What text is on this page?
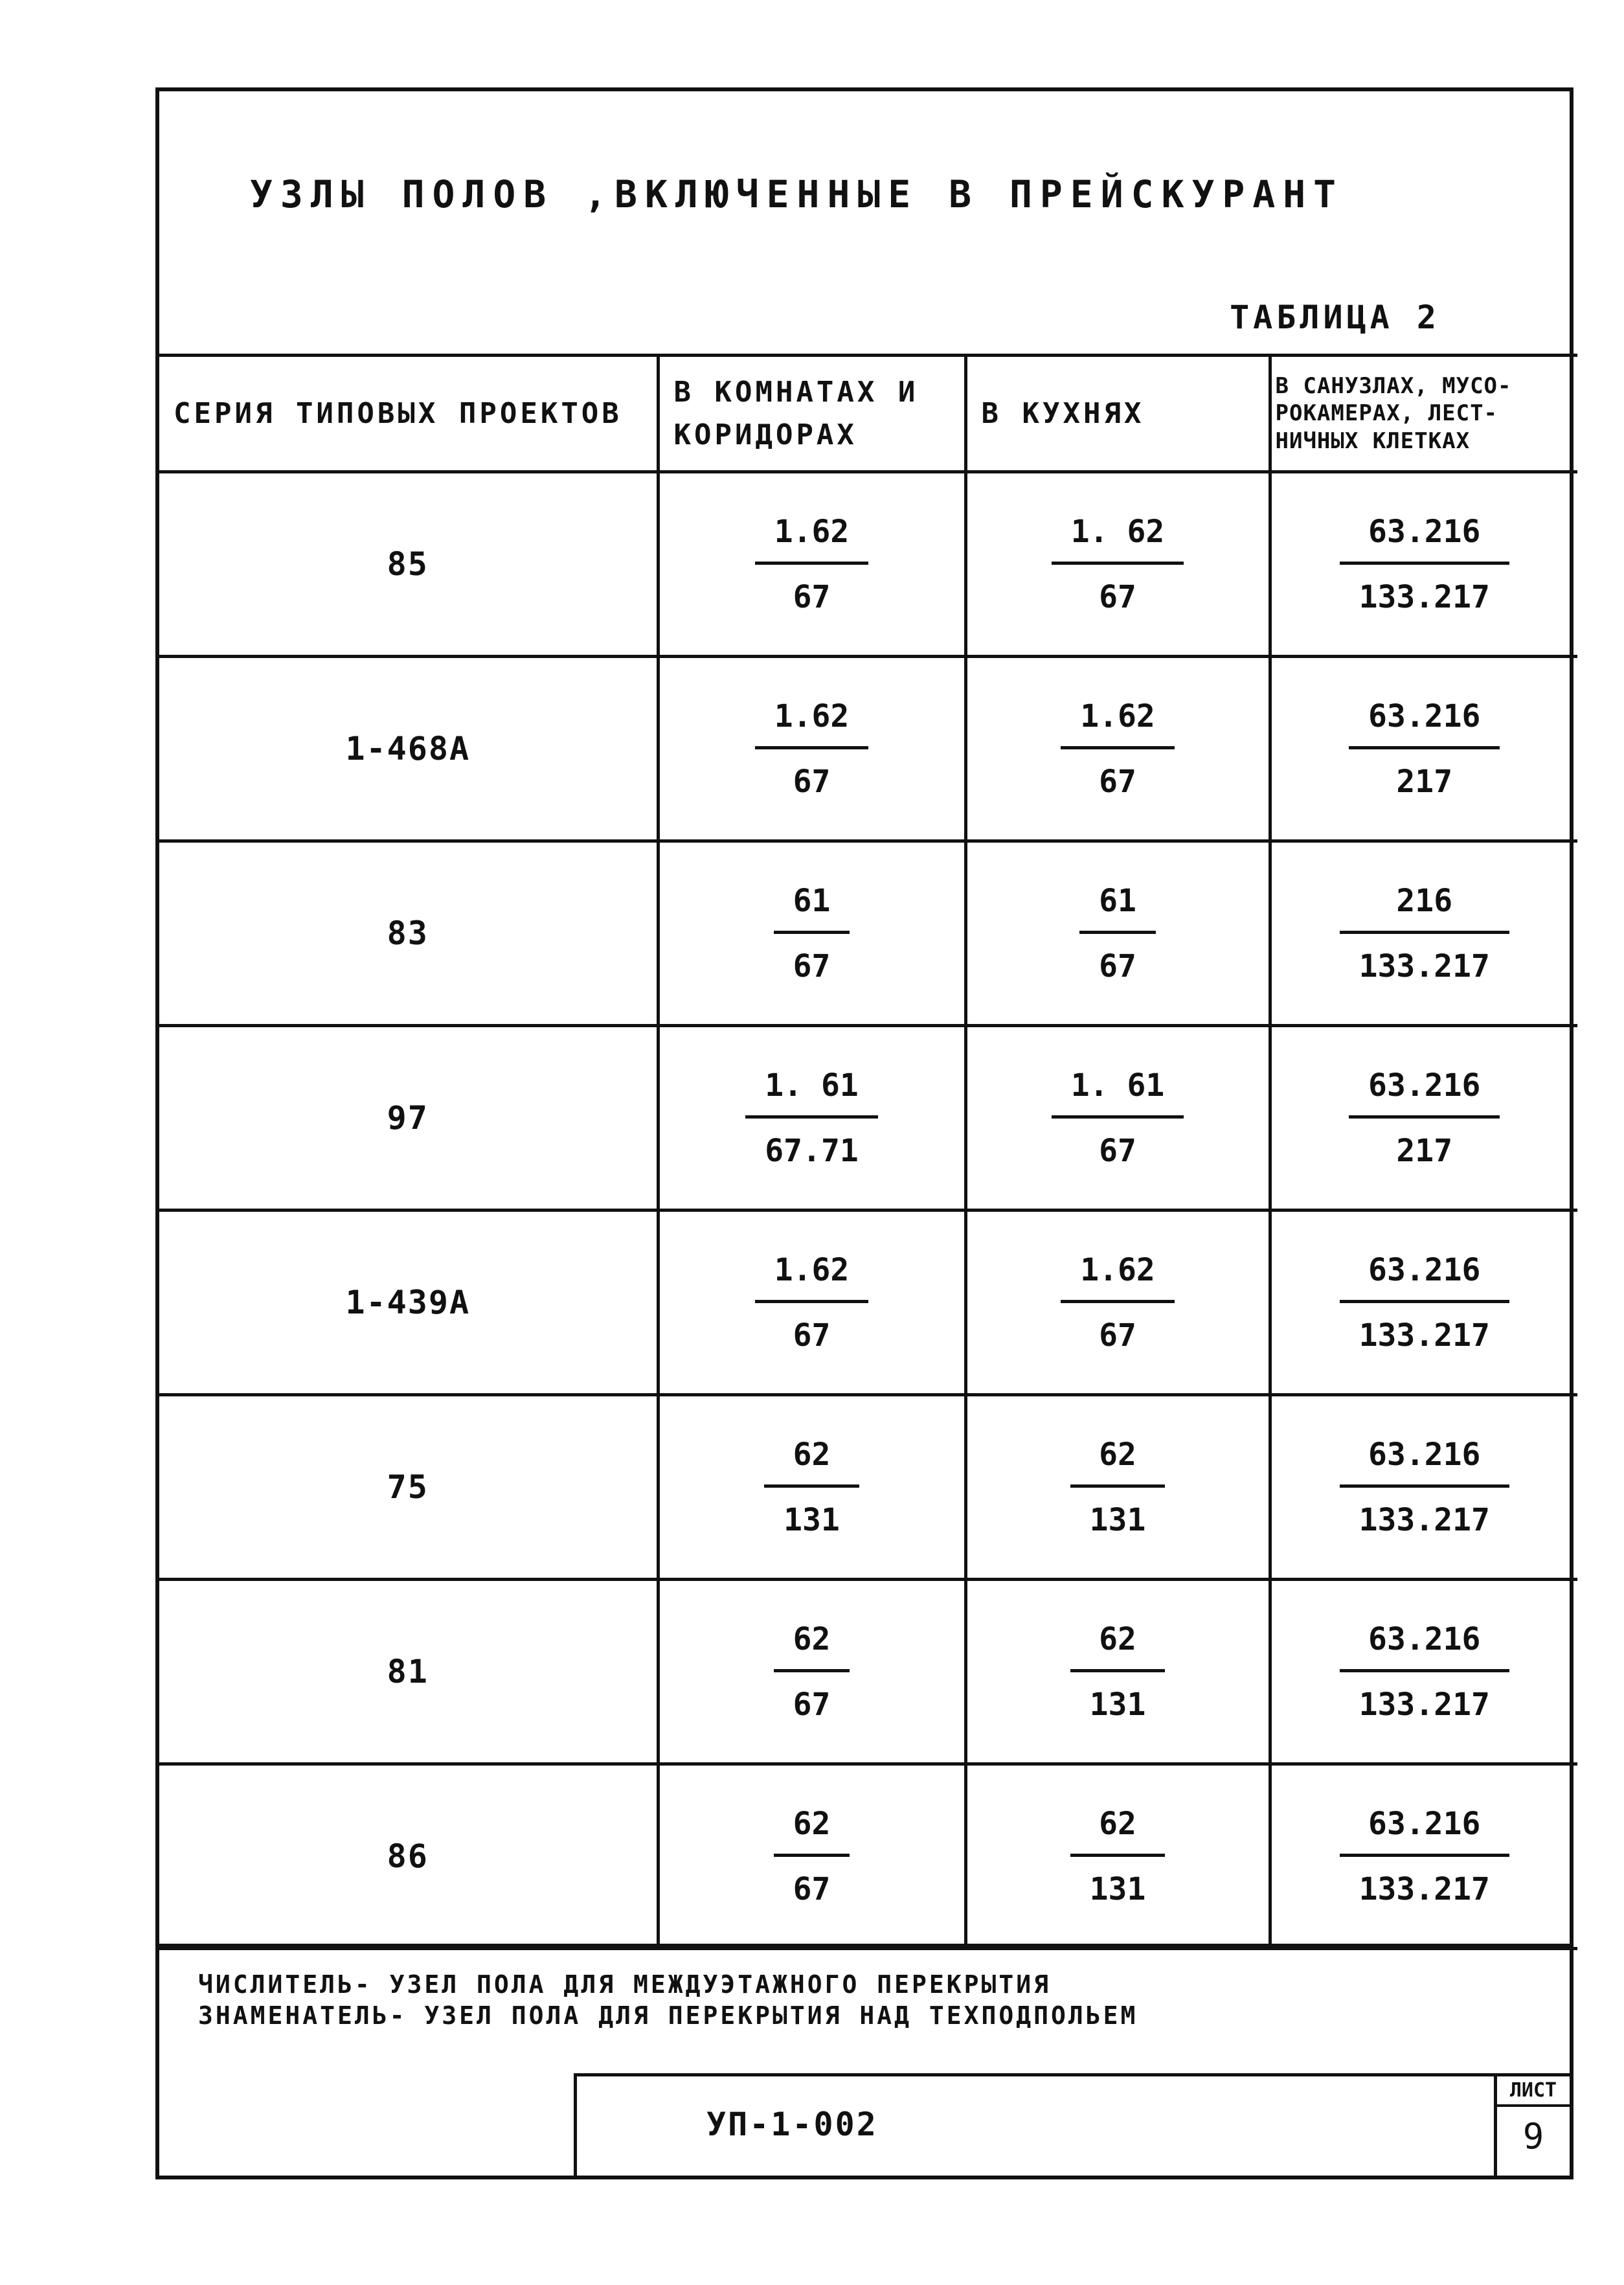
УЗЛЫ ПОЛОВ ,ВКЛЮЧЕННЫЕ В ПРЕЙСКУРАНТ
ТАБЛИЦА 2
СЕРИЯ ТИПОВЫХ ПРОЕКТОВ	В КОМНАТАХ И КОРИДОРАХ	В КУХНЯХ	В САНУЗЛАХ, МУСО-РОКАМЕРАХ, ЛЕСТ-НИЧНЫХ КЛЕТКАХ
85	$\frac{1.62}{67}$	$\frac{1. 62}{67}$	$\frac{63.216}{133.217}$

1-468А	$\frac{1.62}{67}$	$\frac{1.62}{67}$	$\frac{63.216}{217}$

83	$\frac{61}{67}$	$\frac{61}{67}$	$\frac{216}{133.217}$

97	$\frac{1. 61}{67.71}$	$\frac{1. 61}{67}$	$\frac{63.216}{217}$

1-439А	$\frac{1.62}{67}$	$\frac{1.62}{67}$	$\frac{63.216}{133.217}$

75	$\frac{62}{131}$	$\frac{62}{131}$	$\frac{63.216}{133.217}$

81	$\frac{62}{67}$	$\frac{62}{131}$	$\frac{63.216}{133.217}$

86	$\frac{62}{67}$	$\frac{62}{131}$	$\frac{63.216}{133.217}$
ЧИСЛИТЕЛЬ- УЗЕЛ ПОЛА ДЛЯ МЕЖДУЭТАЖНОГО ПЕРЕКРЫТИЯ
ЗНАМЕНАТЕЛЬ- УЗЕЛ ПОЛА ДЛЯ ПЕРЕКРЫТИЯ НАД ТЕХПОДПОЛЬЕМ
УП-1-002
ЛИСТ
9
